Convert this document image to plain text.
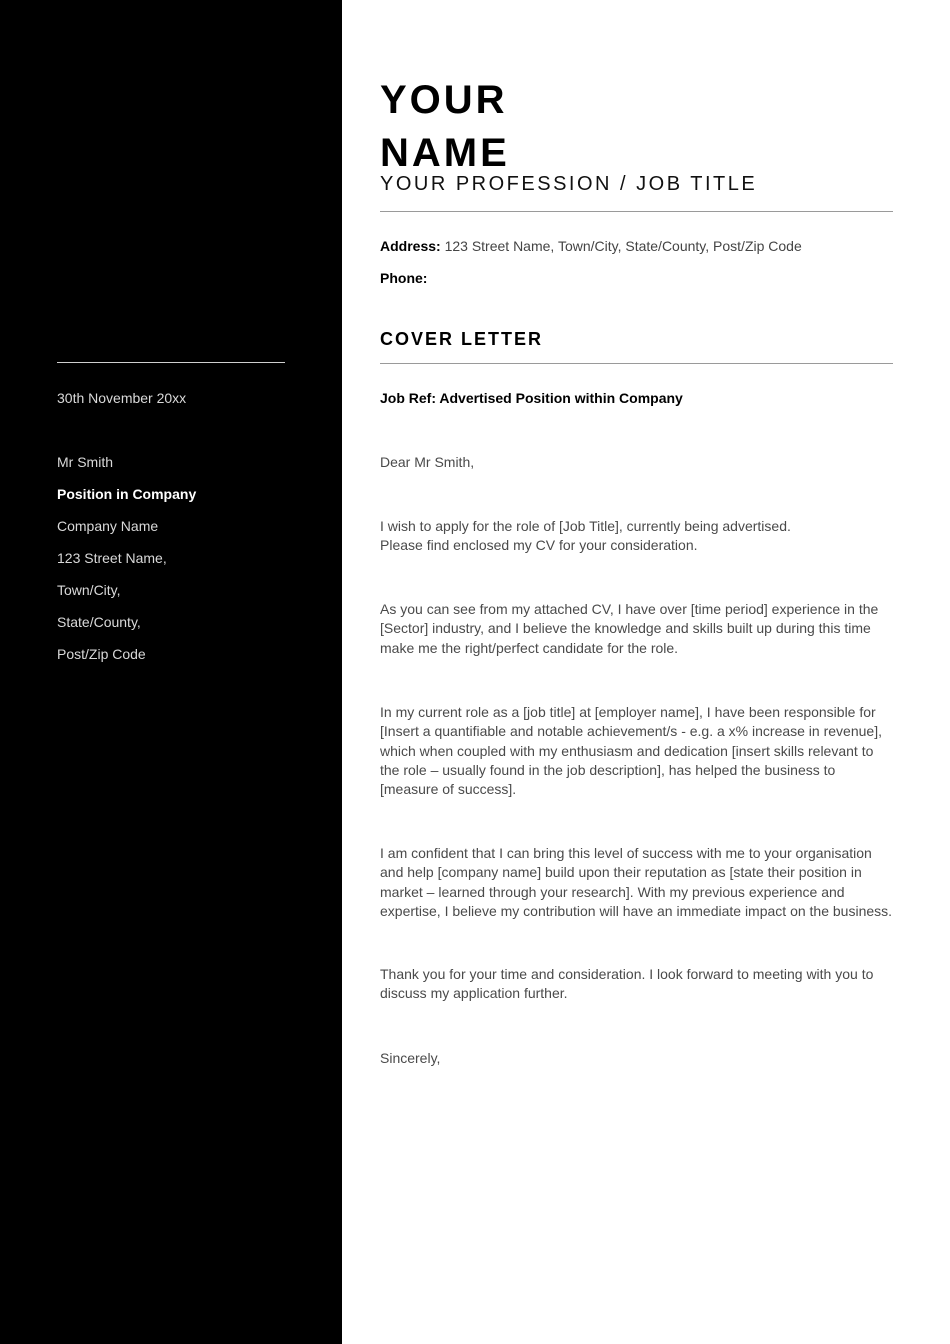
30th November 20xx
Mr Smith
Position in Company
Company Name
123 Street Name,
Town/City,
State/County,
Post/Zip Code
YOUR
NAME
YOUR PROFESSION / JOB TITLE
Address: 123 Street Name, Town/City, State/County, Post/Zip Code
Phone:
COVER LETTER
Job Ref: Advertised Position within Company
Dear Mr Smith,
I wish to apply for the role of [Job Title], currently being advertised.
Please find enclosed my CV for your consideration.
As you can see from my attached CV, I have over [time period] experience in the
[Sector] industry, and I believe the knowledge and skills built up during this time
make me the right/perfect candidate for the role.
In my current role as a [job title] at [employer name], I have been responsible for
[Insert a quantifiable and notable achievement/s - e.g. a x% increase in revenue],
which when coupled with my enthusiasm and dedication [insert skills relevant to
the role – usually found in the job description], has helped the business to
[measure of success].
I am confident that I can bring this level of success with me to your organisation
and help [company name] build upon their reputation as [state their position in
market – learned through your research]. With my previous experience and
expertise, I believe my contribution will have an immediate impact on the business.
Thank you for your time and consideration. I look forward to meeting with you to
discuss my application further.
Sincerely,
